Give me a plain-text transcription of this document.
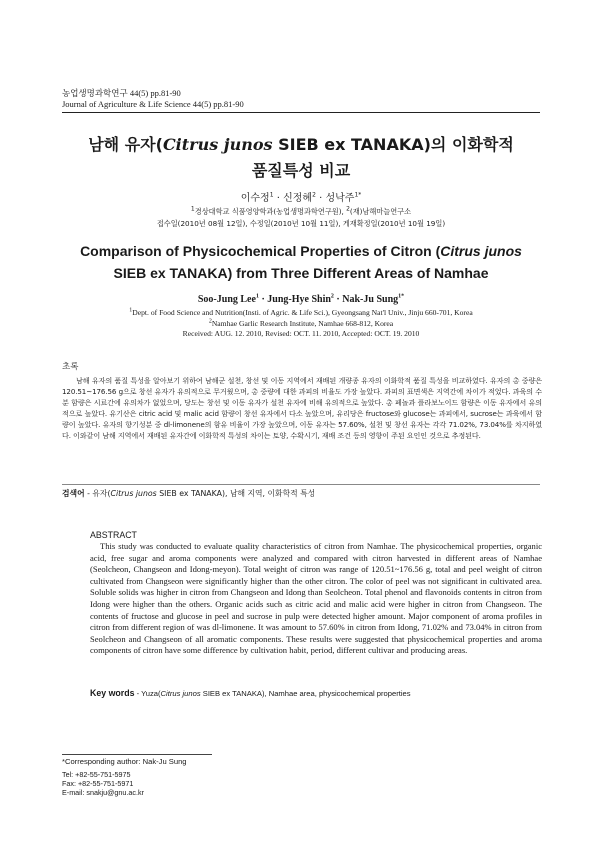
농업생명과학연구 44(5) pp.81-90
Journal of Agriculture & Life Science 44(5) pp.81-90
남해 유자(Citrus junos SIEB ex TANAKA)의 이화학적
품질특성 비교
이수정$^1$ · 신정혜$^2$ · 성낙주$^{1*}$
$^1$경상대학교 식품영양학과(농업생명과학연구원), $^2$(재)남해마늘연구소
접수일(2010년 08월 12일), 수정일(2010년 10월 11일), 게재확정일(2010년 10월 19일)
Comparison of Physicochemical Properties of Citron (Citrus junos
SIEB ex TANAKA) from Three Different Areas of Namhae
Soo-Jung Lee$^1$ · Jung-Hye Shin$^2$ · Nak-Ju Sung$^{1*}$
$^1$Dept. of Food Science and Nutrition(Insti. of Agric. & Life Sci.), Gyeongsang Nat'l Univ., Jinju 660-701, Korea
$^2$Namhae Garlic Research Institute, Namhae 668-812, Korea
Received: AUG. 12. 2010, Revised: OCT. 11. 2010, Accepted: OCT. 19. 2010
초록
남해 유자의 품질 특성을 알아보기 위하여 남해군 설천, 창선 및 이동 지역에서 재배된 개량종 유자의 이화학적 품질 특성을 비교하였다. 유자의 총 중량은 120.51~176.56 g으로 창선 유자가 유의적으로 무거웠으며, 총 중량에 대한 과피의 비율도 가장 높았다. 과피의 표면색은 지역간에 차이가 적었다. 과육의 수분 함량은 시료간에 유의차가 없었으며, 당도는 창선 및 이동 유자가 설천 유자에 비해 유의적으로 높았다. 총 페놀과 플라보노이드 함량은 이동 유자에서 유의적으로 높았다. 유기산은 citric acid 및 malic acid 함량이 창선 유자에서 다소 높았으며, 유리당은 fructose와 glucose는 과피에서, sucrose는 과육에서 함량이 높았다. 유자의 향기성분 중 dl-limonene의 함유 비율이 가장 높았으며, 이동 유자는 57.60%, 설천 및 창선 유자는 각각 71.02%, 73.04%를 차지하였다. 이와같이 남해 지역에서 재배된 유자간에 이화학적 특성의 차이는 토양, 수확시기, 재배 조건 등의 영향이 주된 요인인 것으로 추정된다.
검색어 - 유자(Citrus junos SIEB ex TANAKA), 남해 지역, 이화학적 특성
ABSTRACT
This study was conducted to evaluate quality characteristics of citron from Namhae. The physicochemical properties, organic acid, free sugar and aroma components were analyzed and compared with citron harvested in different areas of Namhae (Seolcheon, Changseon and Idong-meyon). Total weight of citron was range of 120.51~176.56 g, total and peel weight of citron cultivated from Changseon were significantly higher than the other citron. The color of peel was not significant in cultivated area. Soluble solids was higher in citron from Changseon and Idong than Seolcheon. Total phenol and flavonoids contents in citron from Idong were higher than the others. Organic acids such as citric acid and malic acid were higher in citron from Changseon. The contents of fructose and glucose in peel and sucrose in pulp were detected higher amount. Major component of aroma profiles in citron from different region of was dl-limonene. It was amount to 57.60% in citron from Idong, 71.02% and 73.04% in citron from Seolcheon and Changseon of all aromatic components. These results were suggested that physicochemical properties and aroma components of citron have some difference by cultivation habit, period, different cultivar and producing areas.
Key words - Yuza(Citrus junos SIEB ex TANAKA), Namhae area, physicochemical properties
*Corresponding author: Nak-Ju Sung
Tel: +82-55-751-5975
Fax: +82-55-751-5971
E-mail: snakju@gnu.ac.kr
